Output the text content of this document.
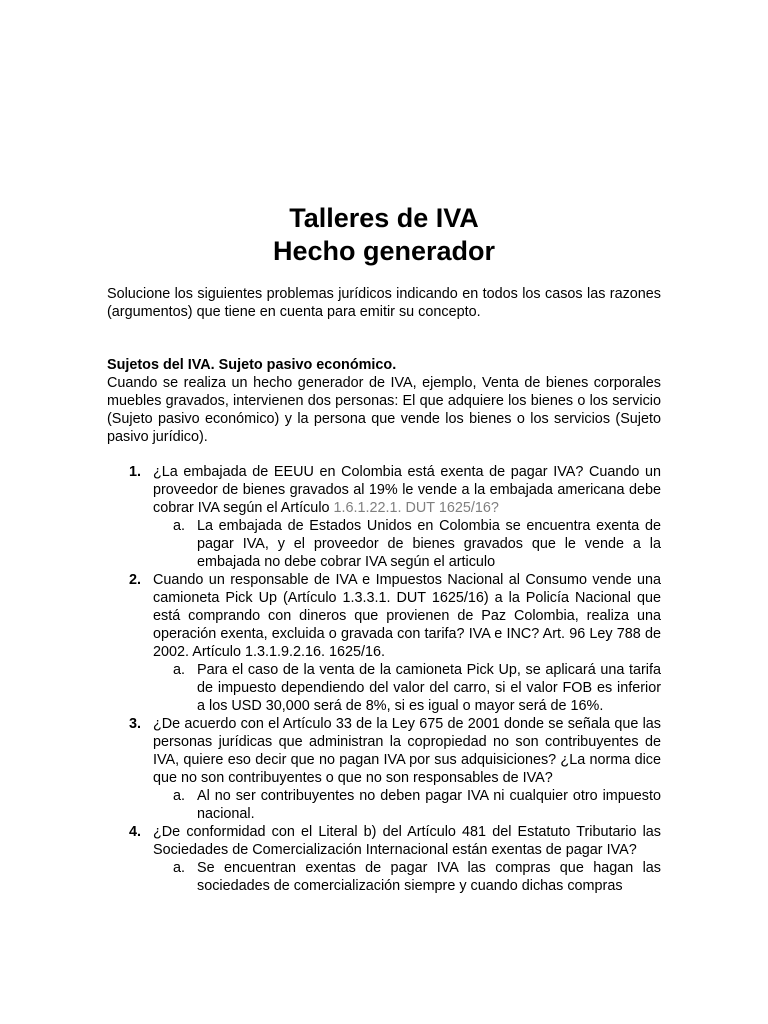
Talleres de IVA
Hecho generador
Solucione los siguientes problemas jurídicos indicando en todos los casos las razones (argumentos) que tiene en cuenta para emitir su concepto.
Sujetos del IVA. Sujeto pasivo económico.
Cuando se realiza un hecho generador de IVA, ejemplo, Venta de bienes corporales muebles gravados, intervienen dos personas: El que adquiere los bienes o los servicio (Sujeto pasivo económico) y la persona que vende los bienes o los servicios (Sujeto pasivo jurídico).
1. ¿La embajada de EEUU en Colombia está exenta de pagar IVA? Cuando un proveedor de bienes gravados al 19% le vende a la embajada americana debe cobrar IVA según el Artículo 1.6.1.22.1. DUT 1625/16?
a. La embajada de Estados Unidos en Colombia se encuentra exenta de pagar IVA, y el proveedor de bienes gravados que le vende a la embajada no debe cobrar IVA según el articulo
2. Cuando un responsable de IVA e Impuestos Nacional al Consumo vende una camioneta Pick Up (Artículo 1.3.3.1. DUT 1625/16) a la Policía Nacional que está comprando con dineros que provienen de Paz Colombia, realiza una operación exenta, excluida o gravada con tarifa? IVA e INC? Art. 96 Ley 788 de 2002. Artículo 1.3.1.9.2.16. 1625/16.
a. Para el caso de la venta de la camioneta Pick Up, se aplicará una tarifa de impuesto dependiendo del valor del carro, si el valor FOB es inferior a los USD 30,000 será de 8%, si es igual o mayor será de 16%.
3. ¿De acuerdo con el Artículo 33 de la Ley 675 de 2001 donde se señala que las personas jurídicas que administran la copropiedad no son contribuyentes de IVA, quiere eso decir que no pagan IVA por sus adquisiciones? ¿La norma dice que no son contribuyentes o que no son responsables de IVA?
a. Al no ser contribuyentes no deben pagar IVA ni cualquier otro impuesto nacional.
4. ¿De conformidad con el Literal b) del Artículo 481 del Estatuto Tributario las Sociedades de Comercialización Internacional están exentas de pagar IVA?
a. Se encuentran exentas de pagar IVA las compras que hagan las sociedades de comercialización siempre y cuando dichas compras
